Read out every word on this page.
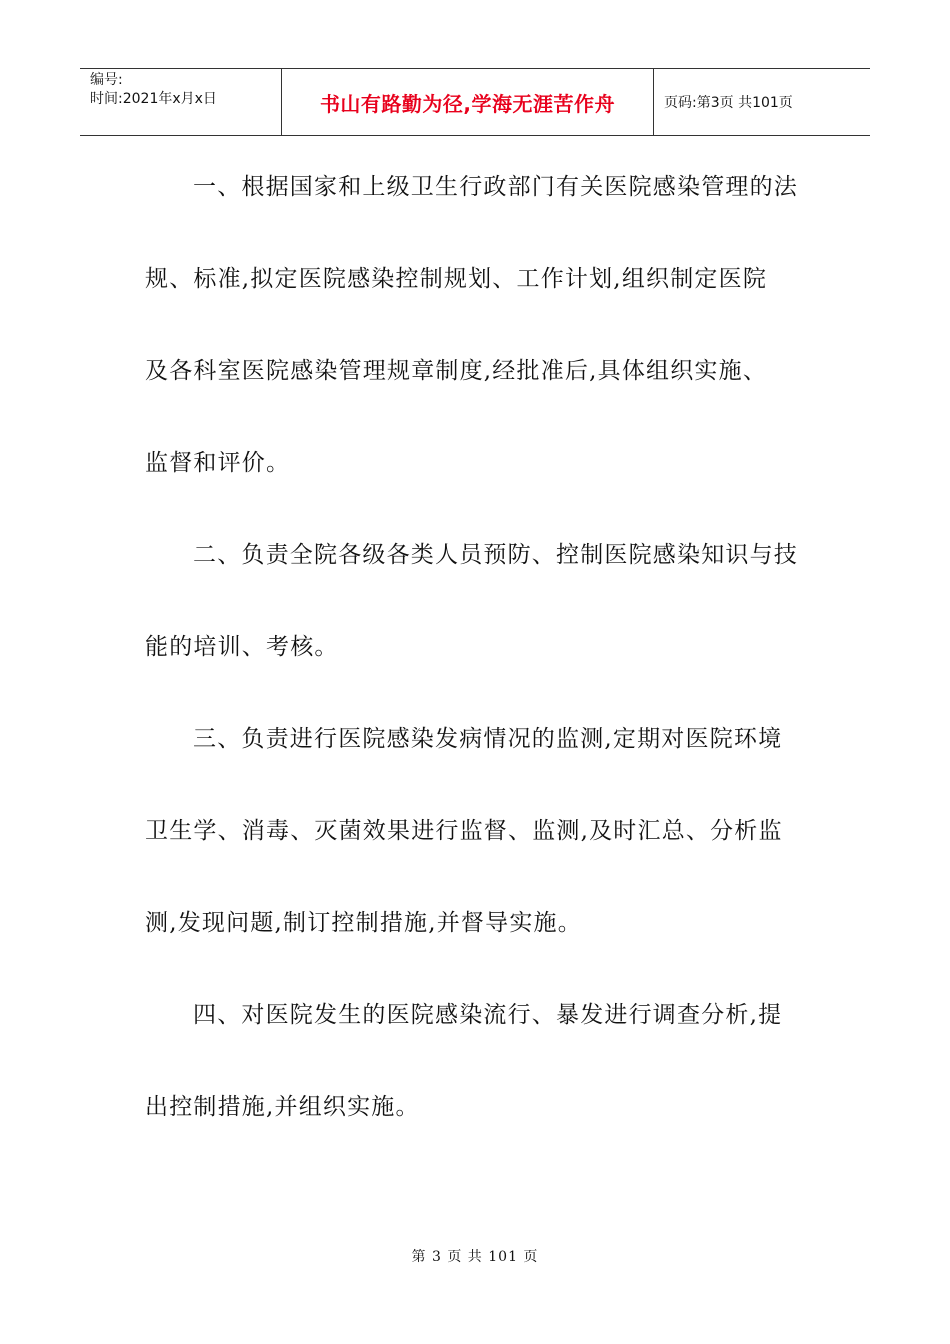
编号:
时间:2021年x月x日	书山有路勤为径,学海无涯苦作舟	页码:第3页 共101页
一、根据国家和上级卫生行政部门有关医院感染管理的法
规、标准,拟定医院感染控制规划、工作计划,组织制定医院
及各科室医院感染管理规章制度,经批准后,具体组织实施、
监督和评价。
二、负责全院各级各类人员预防、控制医院感染知识与技
能的培训、考核。
三、负责进行医院感染发病情况的监测,定期对医院环境
卫生学、消毒、灭菌效果进行监督、监测,及时汇总、分析监
测,发现问题,制订控制措施,并督导实施。
四、对医院发生的医院感染流行、暴发进行调查分析,提
出控制措施,并组织实施。
第 3 页 共 101 页
